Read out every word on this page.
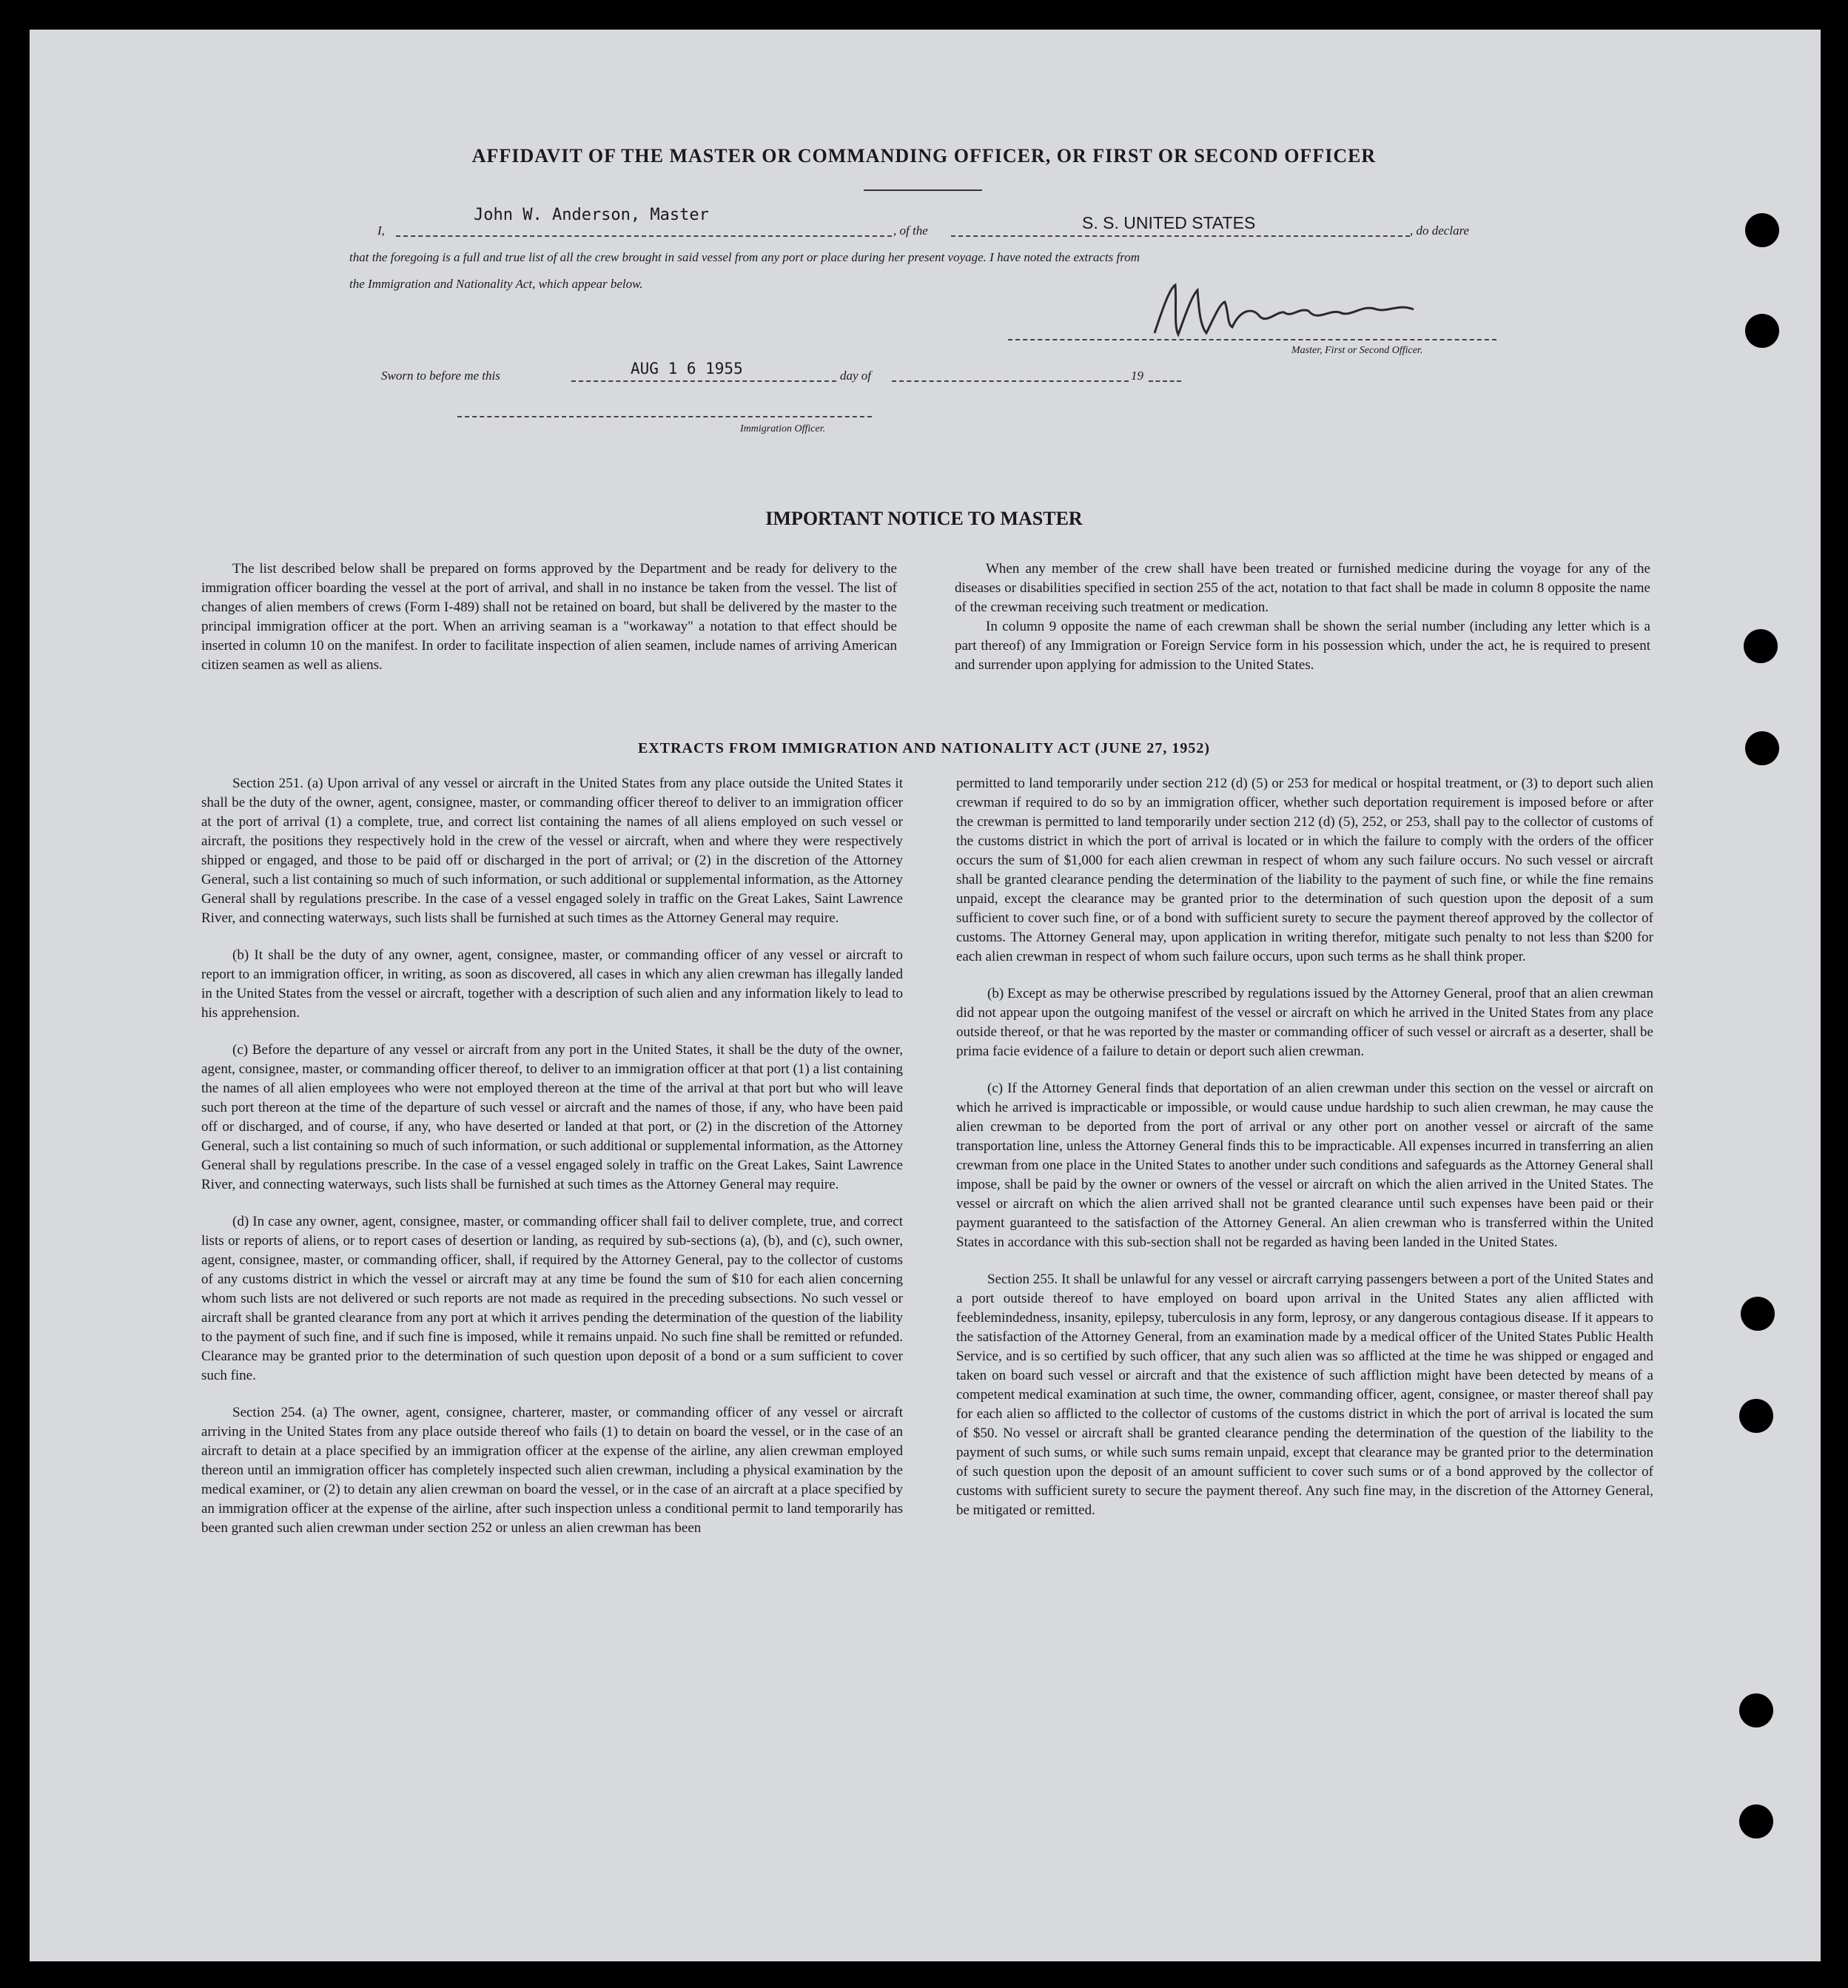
AFFIDAVIT OF THE MASTER OR COMMANDING OFFICER, OR FIRST OR SECOND OFFICER
I,
John W. Anderson, Master
, of the	S. S. UNITED STATES	, do declare
that the foregoing is a full and true list of all the crew brought in said vessel from any port or place during her present voyage. I have noted the extracts from
the Immigration and Nationality Act, which appear below.
Master, First or Second Officer.
Sworn to before me this	AUG 1 6 1955	day of	19
Immigration Officer.
IMPORTANT NOTICE TO MASTER

The list described below shall be prepared on forms approved by the Department and be ready for delivery to the immigration officer boarding the vessel at the port of arrival, and shall in no instance be taken from the vessel. The list of changes of alien members of crews (Form I-489) shall not be retained on board, but shall be delivered by the master to the principal immigration officer at the port. When an arriving seaman is a "workaway" a notation to that effect should be inserted in column 10 on the manifest. In order to facilitate inspection of alien seamen, include names of arriving American citizen seamen as well as aliens.

When any member of the crew shall have been treated or furnished medicine during the voyage for any of the diseases or disabilities specified in section 255 of the act, notation to that fact shall be made in column 8 opposite the name of the crewman receiving such treatment or medication.

In column 9 opposite the name of each crewman shall be shown the serial number (including any letter which is a part thereof) of any Immigration or Foreign Service form in his possession which, under the act, he is required to present and surrender upon applying for admission to the United States.

EXTRACTS FROM IMMIGRATION AND NATIONALITY ACT (JUNE 27, 1952)

Section 251. (a) Upon arrival of any vessel or aircraft in the United States from any place outside the United States it shall be the duty of the owner, agent, consignee, master, or commanding officer thereof to deliver to an immigration officer at the port of arrival (1) a complete, true, and correct list containing the names of all aliens employed on such vessel or aircraft, the positions they respectively hold in the crew of the vessel or aircraft, when and where they were respectively shipped or engaged, and those to be paid off or discharged in the port of arrival; or (2) in the discretion of the Attorney General, such a list containing so much of such information, or such additional or supplemental information, as the Attorney General shall by regulations prescribe. In the case of a vessel engaged solely in traffic on the Great Lakes, Saint Lawrence River, and connecting waterways, such lists shall be furnished at such times as the Attorney General may require.

(b) It shall be the duty of any owner, agent, consignee, master, or commanding officer of any vessel or aircraft to report to an immigration officer, in writing, as soon as discovered, all cases in which any alien crewman has illegally landed in the United States from the vessel or aircraft, together with a description of such alien and any information likely to lead to his apprehension.

(c) Before the departure of any vessel or aircraft from any port in the United States, it shall be the duty of the owner, agent, consignee, master, or commanding officer thereof, to deliver to an immigration officer at that port (1) a list containing the names of all alien employees who were not employed thereon at the time of the arrival at that port but who will leave such port thereon at the time of the departure of such vessel or aircraft and the names of those, if any, who have been paid off or discharged, and of course, if any, who have deserted or landed at that port, or (2) in the discretion of the Attorney General, such a list containing so much of such information, or such additional or supplemental information, as the Attorney General shall by regulations prescribe. In the case of a vessel engaged solely in traffic on the Great Lakes, Saint Lawrence River, and connecting waterways, such lists shall be furnished at such times as the Attorney General may require.

(d) In case any owner, agent, consignee, master, or commanding officer shall fail to deliver complete, true, and correct lists or reports of aliens, or to report cases of desertion or landing, as required by sub-sections (a), (b), and (c), such owner, agent, consignee, master, or commanding officer, shall, if required by the Attorney General, pay to the collector of customs of any customs district in which the vessel or aircraft may at any time be found the sum of $10 for each alien concerning whom such lists are not delivered or such reports are not made as required in the preceding subsections. No such vessel or aircraft shall be granted clearance from any port at which it arrives pending the determination of the question of the liability to the payment of such fine, and if such fine is imposed, while it remains unpaid. No such fine shall be remitted or refunded. Clearance may be granted prior to the determination of such question upon deposit of a bond or a sum sufficient to cover such fine.

Section 254. (a) The owner, agent, consignee, charterer, master, or commanding officer of any vessel or aircraft arriving in the United States from any place outside thereof who fails (1) to detain on board the vessel, or in the case of an aircraft to detain at a place specified by an immigration officer at the expense of the airline, any alien crewman employed thereon until an immigration officer has completely inspected such alien crewman, including a physical examination by the medical examiner, or (2) to detain any alien crewman on board the vessel, or in the case of an aircraft at a place specified by an immigration officer at the expense of the airline, after such inspection unless a conditional permit to land temporarily has been granted such alien crewman under section 252 or unless an alien crewman has been

permitted to land temporarily under section 212 (d) (5) or 253 for medical or hospital treatment, or (3) to deport such alien crewman if required to do so by an immigration officer, whether such deportation requirement is imposed before or after the crewman is permitted to land temporarily under section 212 (d) (5), 252, or 253, shall pay to the collector of customs of the customs district in which the port of arrival is located or in which the failure to comply with the orders of the officer occurs the sum of $1,000 for each alien crewman in respect of whom any such failure occurs. No such vessel or aircraft shall be granted clearance pending the determination of the liability to the payment of such fine, or while the fine remains unpaid, except the clearance may be granted prior to the determination of such question upon the deposit of a sum sufficient to cover such fine, or of a bond with sufficient surety to secure the payment thereof approved by the collector of customs. The Attorney General may, upon application in writing therefor, mitigate such penalty to not less than $200 for each alien crewman in respect of whom such failure occurs, upon such terms as he shall think proper.

(b) Except as may be otherwise prescribed by regulations issued by the Attorney General, proof that an alien crewman did not appear upon the outgoing manifest of the vessel or aircraft on which he arrived in the United States from any place outside thereof, or that he was reported by the master or commanding officer of such vessel or aircraft as a deserter, shall be prima facie evidence of a failure to detain or deport such alien crewman.

(c) If the Attorney General finds that deportation of an alien crewman under this section on the vessel or aircraft on which he arrived is impracticable or impossible, or would cause undue hardship to such alien crewman, he may cause the alien crewman to be deported from the port of arrival or any other port on another vessel or aircraft of the same transportation line, unless the Attorney General finds this to be impracticable. All expenses incurred in transferring an alien crewman from one place in the United States to another under such conditions and safeguards as the Attorney General shall impose, shall be paid by the owner or owners of the vessel or aircraft on which the alien arrived in the United States. The vessel or aircraft on which the alien arrived shall not be granted clearance until such expenses have been paid or their payment guaranteed to the satisfaction of the Attorney General. An alien crewman who is transferred within the United States in accordance with this sub-section shall not be regarded as having been landed in the United States.

Section 255. It shall be unlawful for any vessel or aircraft carrying passengers between a port of the United States and a port outside thereof to have employed on board upon arrival in the United States any alien afflicted with feeblemindedness, insanity, epilepsy, tuberculosis in any form, leprosy, or any dangerous contagious disease. If it appears to the satisfaction of the Attorney General, from an examination made by a medical officer of the United States Public Health Service, and is so certified by such officer, that any such alien was so afflicted at the time he was shipped or engaged and taken on board such vessel or aircraft and that the existence of such affliction might have been detected by means of a competent medical examination at such time, the owner, commanding officer, agent, consignee, or master thereof shall pay for each alien so afflicted to the collector of customs of the customs district in which the port of arrival is located the sum of $50. No vessel or aircraft shall be granted clearance pending the determination of the question of the liability to the payment of such sums, or while such sums remain unpaid, except that clearance may be granted prior to the determination of such question upon the deposit of an amount sufficient to cover such sums or of a bond approved by the collector of customs with sufficient surety to secure the payment thereof. Any such fine may, in the discretion of the Attorney General, be mitigated or remitted.
